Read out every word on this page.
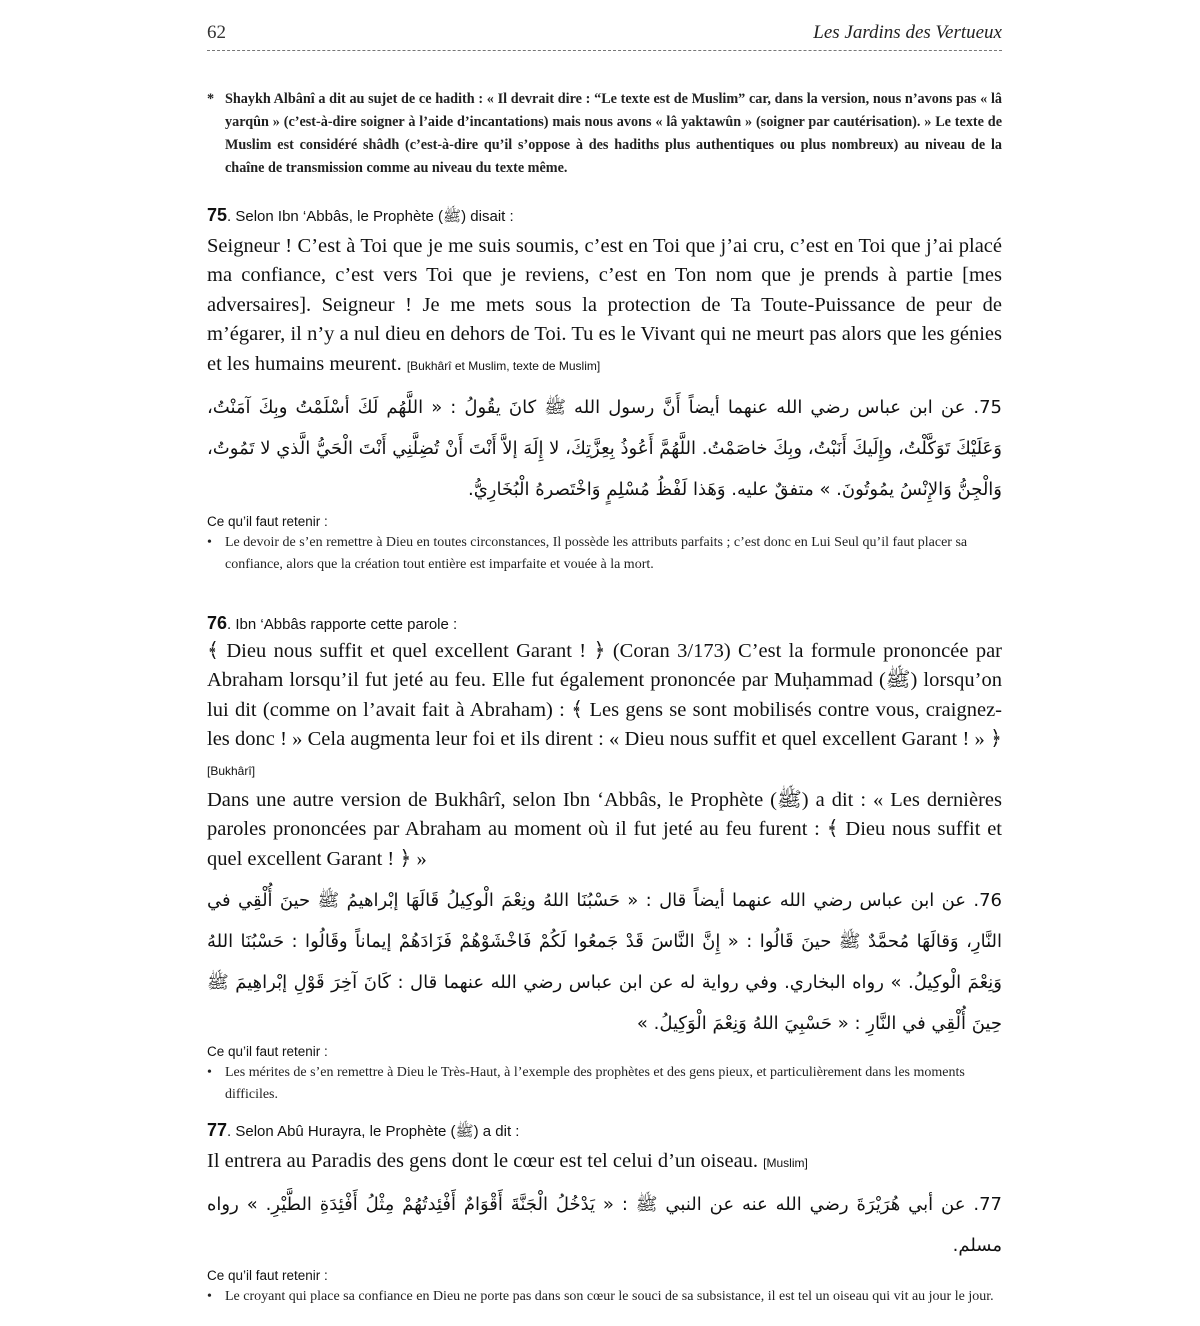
62	Les Jardins des Vertueux
* Shaykh Albânî a dit au sujet de ce hadith : « Il devrait dire : “Le texte est de Muslim” car, dans la version, nous n’avons pas « lâ yarqûn » (c’est-à-dire soigner à l’aide d’incantations) mais nous avons « lâ yaktawûn » (soigner par cautérisation). » Le texte de Muslim est considéré shâdh (c’est-à-dire qu’il s’oppose à des hadiths plus authentiques ou plus nombreux) au niveau de la chaîne de transmission comme au niveau du texte même.
75. Selon Ibn ‘Abbâs, le Prophète (ﷺ) disait :
Seigneur ! C’est à Toi que je me suis soumis, c’est en Toi que j’ai cru, c’est en Toi que j’ai placé ma confiance, c’est vers Toi que je reviens, c’est en Ton nom que je prends à partie [mes adversaires]. Seigneur ! Je me mets sous la protection de Ta Toute-Puissance de peur de m’égarer, il n’y a nul dieu en dehors de Toi. Tu es le Vivant qui ne meurt pas alors que les génies et les humains meurent. [Bukhârî et Muslim, texte de Muslim]
75. عن ابن عباس رضي الله عنهما أيضاً أَنَّ رسول الله ﷺ كانَ يقُولُ : « اللَّهُم لَكَ أسْلَمْتُ وبِكَ آمَنْتُ، وَعَلَيْكَ تَوَكَّلْتُ، وإِلَيكَ أَنَبْتُ، وبِكَ خاصَمْتُ. اللَّهُمَّ أَعُوذُ بِعِزَّتِكَ، لا إِلَهَ إلاَّ أَنْتَ أَنْ تُضِلَّنِي أَنْتَ الْحَيُّ الَّذي لا تَمُوتُ، وَالْجِنُّ وَالإِنْسُ يمُوتُونَ. » متفقٌ عليه. وَهَذا لَفْظُ مُسْلِمٍ وَاخْتَصرهُ الْبُخَارِيُّ.
Ce qu’il faut retenir :
• Le devoir de s’en remettre à Dieu en toutes circonstances, Il possède les attributs parfaits ; c’est donc en Lui Seul qu’il faut placer sa confiance, alors que la création tout entière est imparfaite et vouée à la mort.
76. Ibn ‘Abbâs rapporte cette parole :
﴾ Dieu nous suffit et quel excellent Garant ! ﴿ (Coran 3/173) C’est la formule prononcée par Abraham lorsqu’il fut jeté au feu. Elle fut également prononcée par Muḥammad (ﷺ) lorsqu’on lui dit (comme on l’avait fait à Abraham) : ﴾ Les gens se sont mobilisés contre vous, craignez-les donc ! » Cela augmenta leur foi et ils dirent : « Dieu nous suffit et quel excellent Garant ! » ﴿ [Bukhârî]
Dans une autre version de Bukhârî, selon Ibn ‘Abbâs, le Prophète (ﷺ) a dit : « Les dernières paroles prononcées par Abraham au moment où il fut jeté au feu furent : ﴾ Dieu nous suffit et quel excellent Garant ! ﴿ »
76. عن ابن عباس رضي الله عنهما أيضاً قال : « حَسْبُنَا اللهُ ونِعْمَ الْوكِيلُ قَالَهَا إبْراهيمُ ﷺ حينَ أُلْقِي في النَّارِ، وَقالَهَا مُحمَّدٌ ﷺ حينَ قَالُوا : « إِنَّ النَّاسَ قَدْ جَمعُوا لَكُمْ فَاخْشَوْهُمْ فَزَادَهُمْ إيماناً وقَالُوا : حَسْبُنَا اللهُ وَنِعْمَ الْوكِيلُ. » رواه البخاري. وفي رواية له عن ابن عباس رضي الله عنهما قال : كَانَ آخِرَ قَوْلِ إبْراهِيمَ ﷺ حِينَ أُلْقِي في النَّارِ : « حَسْبِيَ اللهُ وَنِعْمَ الْوَكِيلُ. »
Ce qu’il faut retenir :
• Les mérites de s’en remettre à Dieu le Très-Haut, à l’exemple des prophètes et des gens pieux, et particulièrement dans les moments difficiles.
77. Selon Abû Hurayra, le Prophète (ﷺ) a dit :
Il entrera au Paradis des gens dont le cœur est tel celui d’un oiseau. [Muslim]
77. عن أبي هُرَيْرَةَ رضي الله عنه عن النبي ﷺ : « يَدْخُلُ الْجَنَّةَ أَقْوَامٌ أَفْئِدتُهُمْ مِثْلُ أَفْئِدَةِ الطَّيْرِ. » رواه مسلم.
Ce qu’il faut retenir :
• Le croyant qui place sa confiance en Dieu ne porte pas dans son cœur le souci de sa subsistance, il est tel un oiseau qui vit au jour le jour.
